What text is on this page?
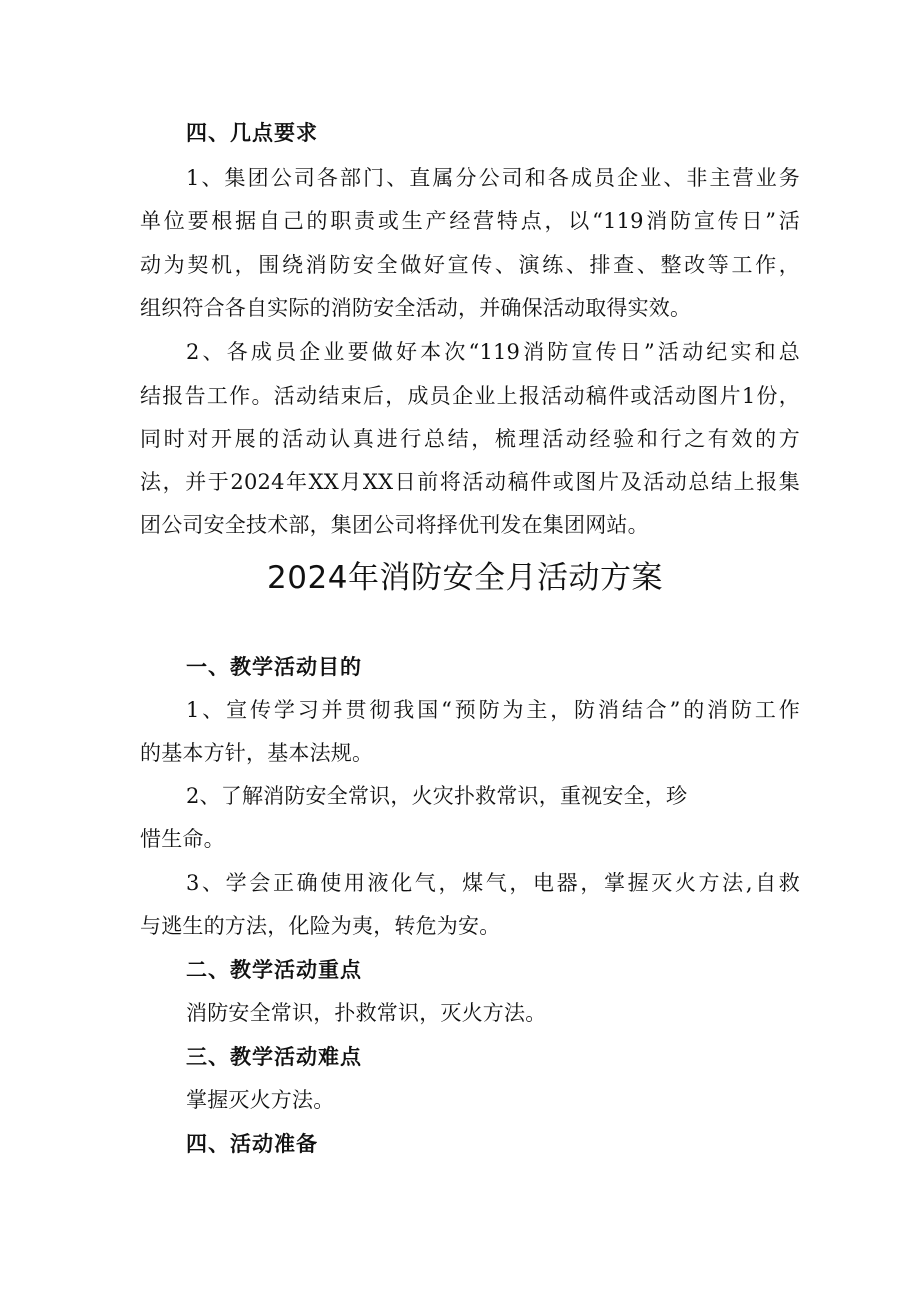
四、几点要求
1、集团公司各部门、直属分公司和各成员企业、非主营业务
单位要根据自己的职责或生产经营特点，以“119消防宣传日”活
动为契机，围绕消防安全做好宣传、演练、排查、整改等工作，
组织符合各自实际的消防安全活动，并确保活动取得实效。
2、各成员企业要做好本次“119消防宣传日”活动纪实和总
结报告工作。活动结束后，成员企业上报活动稿件或活动图片1份，
同时对开展的活动认真进行总结，梳理活动经验和行之有效的方
法，并于2024年XX月XX日前将活动稿件或图片及活动总结上报集
团公司安全技术部，集团公司将择优刊发在集团网站。
2024年消防安全月活动方案
一、教学活动目的
1、宣传学习并贯彻我国“预防为主，防消结合”的消防工作
的基本方针，基本法规。
2、了解消防安全常识，火灾扑救常识，重视安全，珍
惜生命。
3、学会正确使用液化气，煤气，电器，掌握灭火方法,自救
与逃生的方法，化险为夷，转危为安。
二、教学活动重点
消防安全常识，扑救常识，灭火方法。
三、教学活动难点
掌握灭火方法。
四、活动准备
